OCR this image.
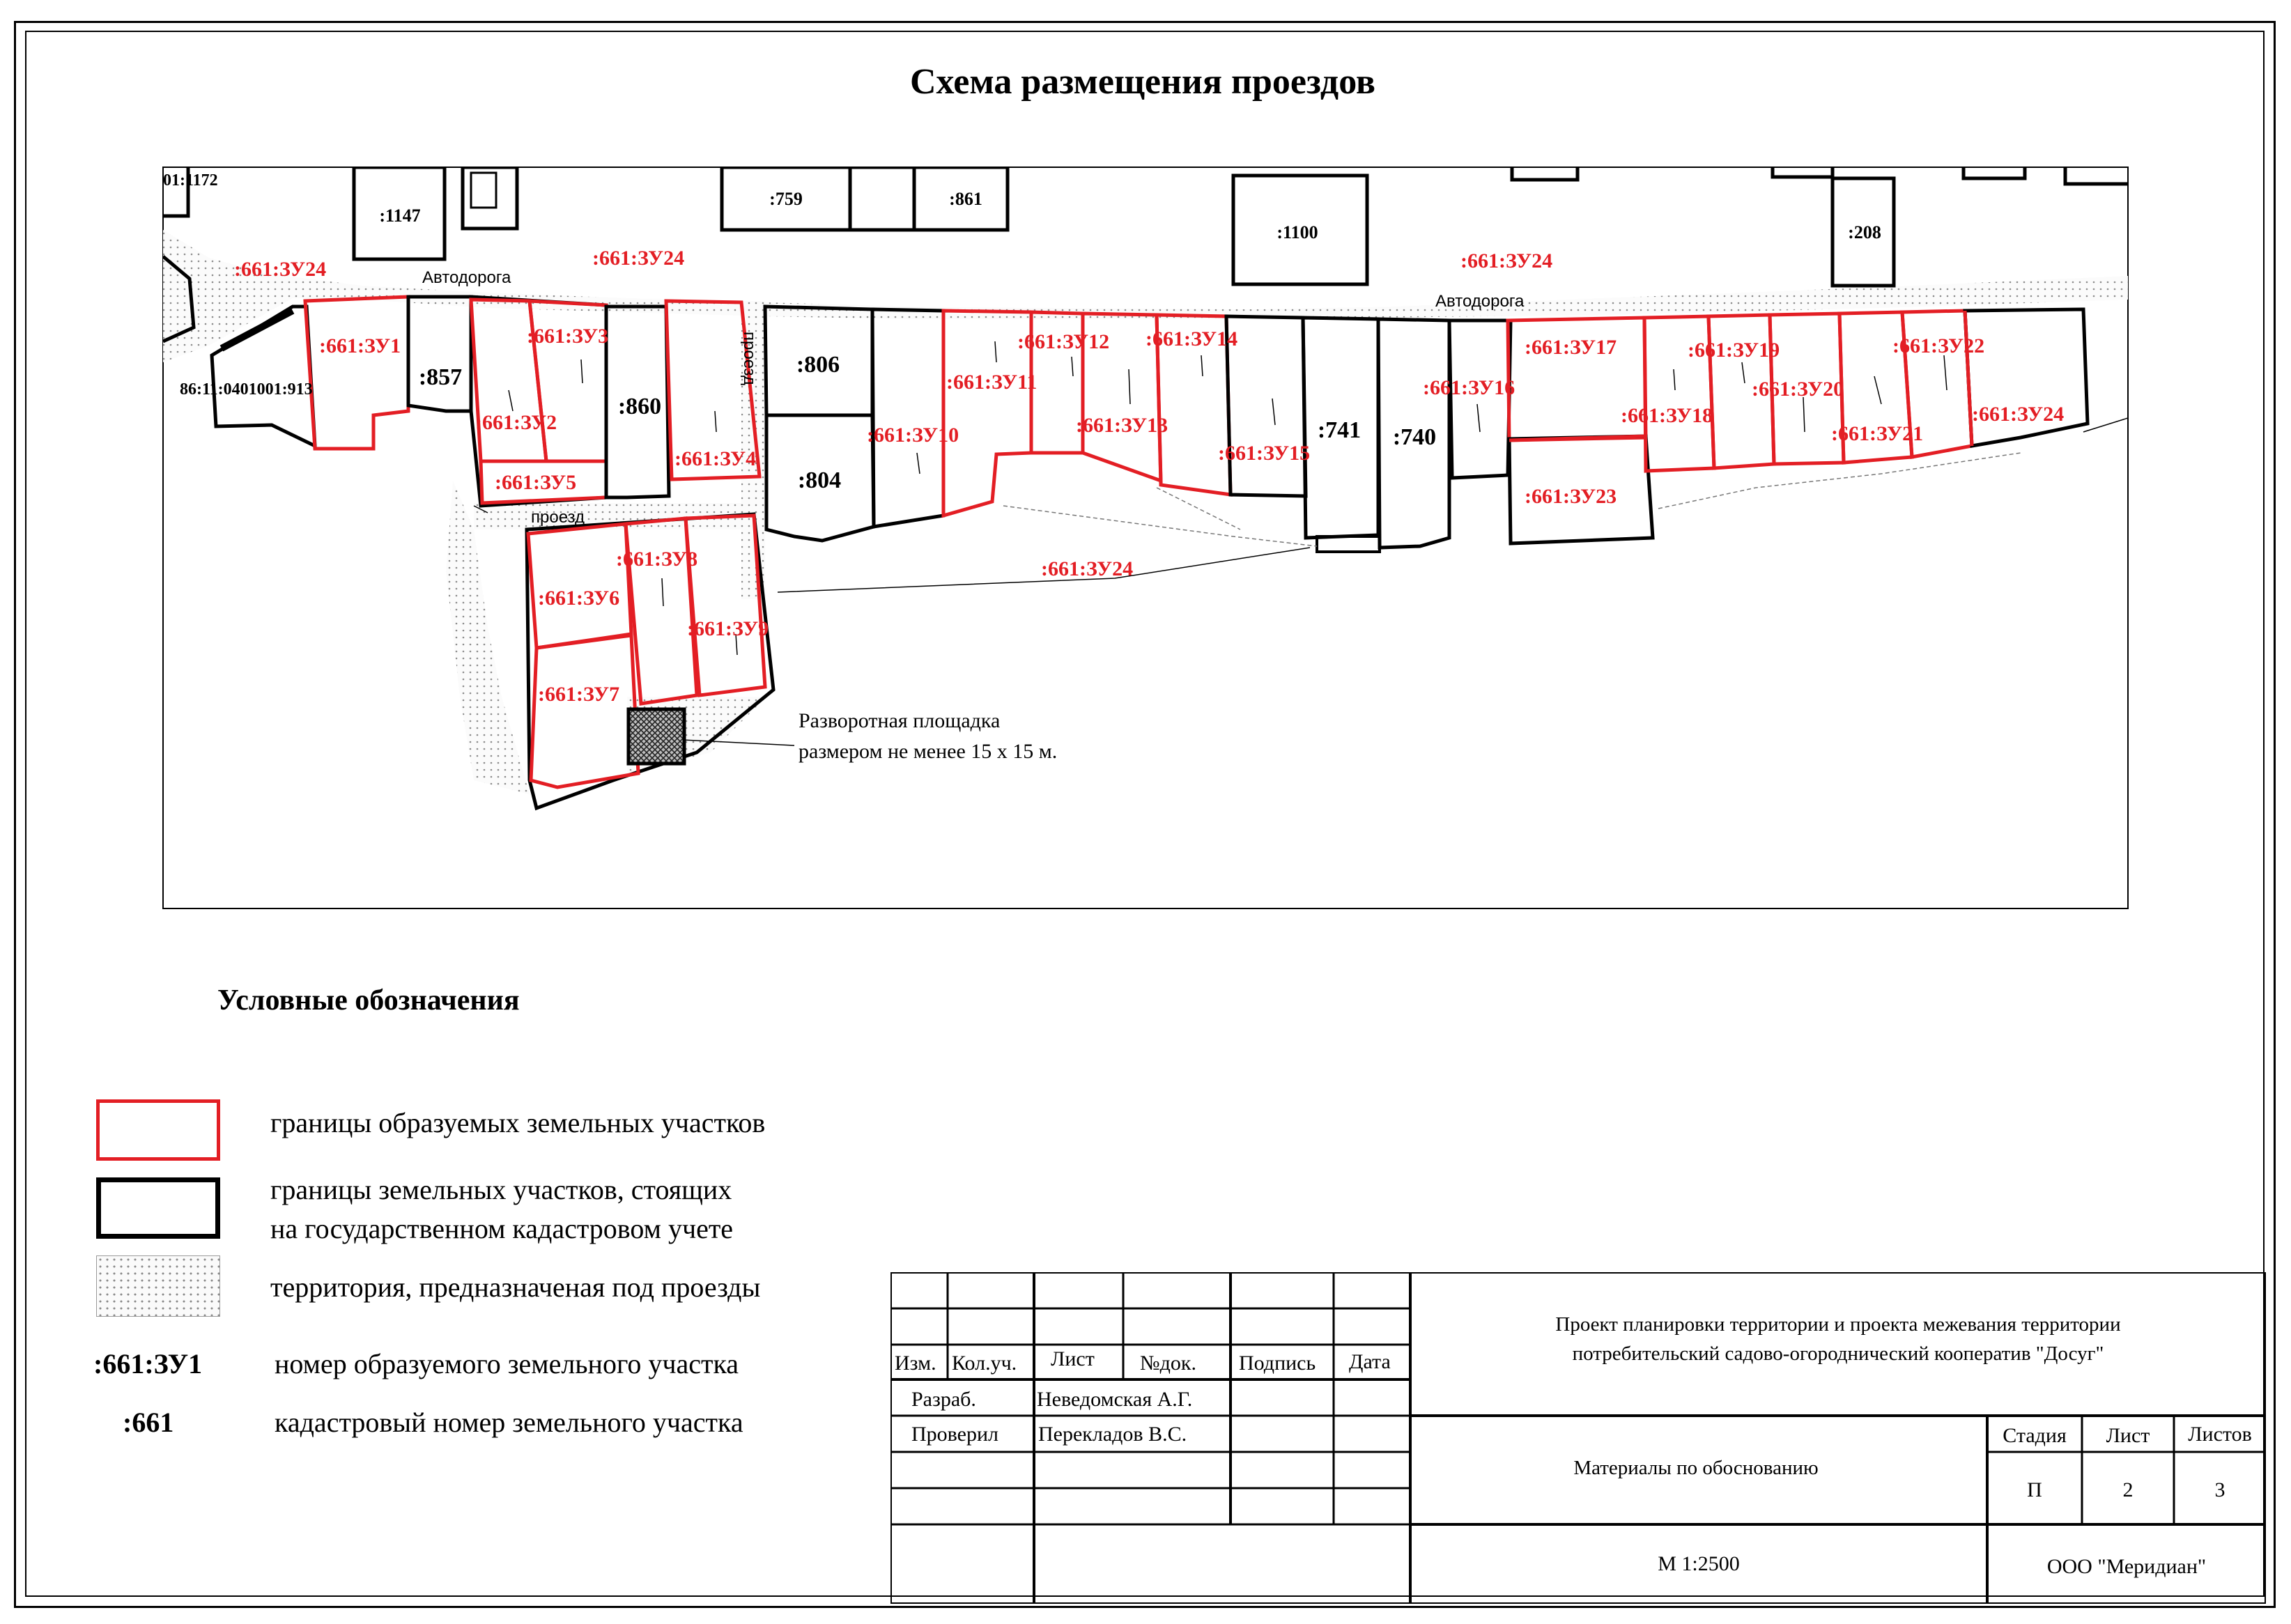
Схема размещения проездов
:1147
:759	:861
:1100	:208
:857
:860
:806
:804
:741 :740
86:11:0401001:913
01:1172
:661:ЗУ1
:661:ЗУ2
:661:ЗУ3
:661:ЗУ4
:661:ЗУ5
:661:ЗУ6
:661:ЗУ7
:661:ЗУ8
:661:ЗУ9
:661:ЗУ10
:661:ЗУ11
:661:ЗУ12
:661:ЗУ13
:661:ЗУ14
:661:ЗУ15
:661:ЗУ16
:661:ЗУ17
:661:ЗУ18
:661:ЗУ19
:661:ЗУ20
:661:ЗУ21
:661:ЗУ22
:661:ЗУ23
:661:ЗУ24
:661:ЗУ24	:661:ЗУ24	:661:ЗУ24
:661:ЗУ24
Автодорога
Автодорога
проезд
проезд
Разворотная площадка
размером не менее 15 х 15 м.
Условные обозначения
границы образуемых земельных участков
границы земельных участков, стоящих
на государственном кадастровом учете
территория, предназначеная под проезды
:661:ЗУ1	номер образуемого земельного участка
:661	кадастровый номер земельного участка
Изм. Кол.уч. Лист №док. Подпись Дата
Разраб.	Неведомская А.Г.
Проверил Перекладов В.С.
Проект планировки территории и проекта межевания территории
потребительский садово-огороднический кооператив "Досуг"
Материалы по обоснованию
Стадия Лист Листов
П	2	3
М 1:2500	ООО "Меридиан"
